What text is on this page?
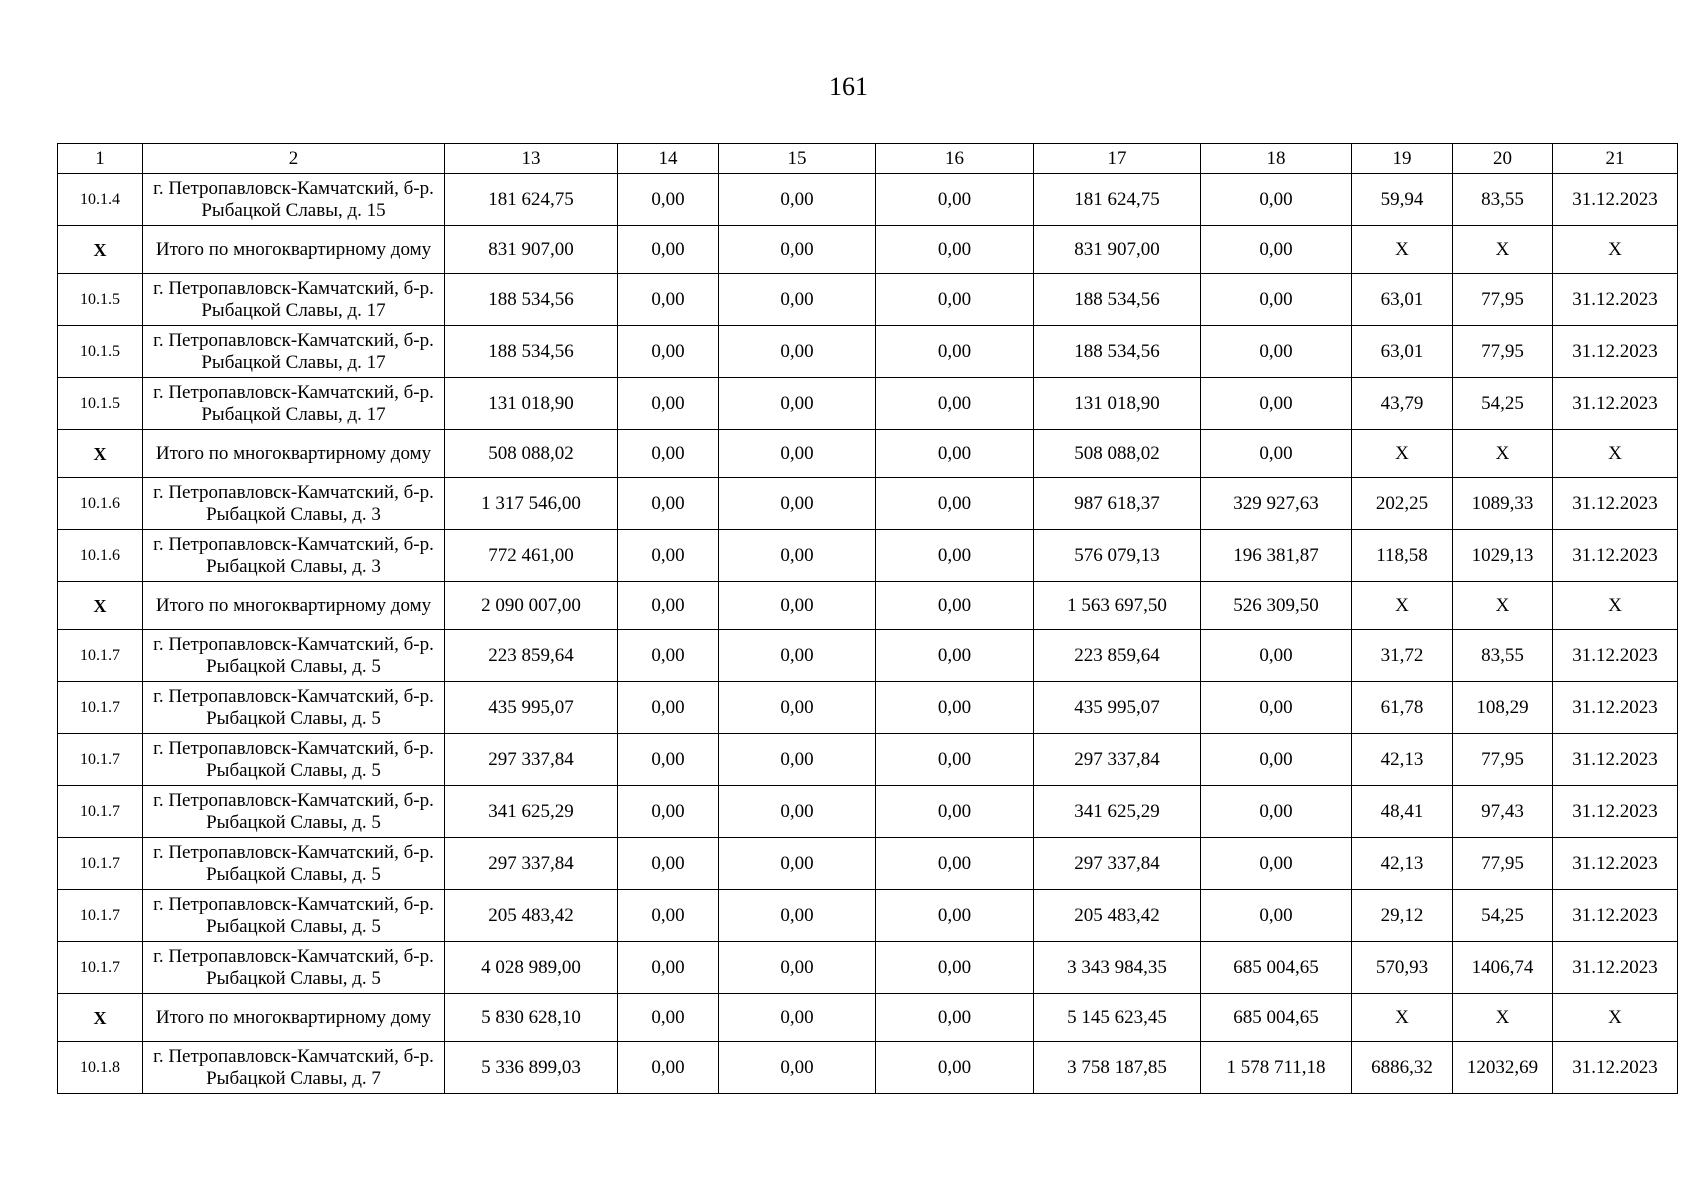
161
1	2	13	14	15	16	17	18	19	20	21
10.1.4	г. Петропавловск-Камчатский, б-р. Рыбацкой Славы, д. 15	181 624,75	0,00	0,00	0,00	181 624,75	0,00	59,94	83,55	31.12.2023
X	Итого по многоквартирному дому	831 907,00	0,00	0,00	0,00	831 907,00	0,00	X	X	X
10.1.5	г. Петропавловск-Камчатский, б-р. Рыбацкой Славы, д. 17	188 534,56	0,00	0,00	0,00	188 534,56	0,00	63,01	77,95	31.12.2023
10.1.5	г. Петропавловск-Камчатский, б-р. Рыбацкой Славы, д. 17	188 534,56	0,00	0,00	0,00	188 534,56	0,00	63,01	77,95	31.12.2023
10.1.5	г. Петропавловск-Камчатский, б-р. Рыбацкой Славы, д. 17	131 018,90	0,00	0,00	0,00	131 018,90	0,00	43,79	54,25	31.12.2023
X	Итого по многоквартирному дому	508 088,02	0,00	0,00	0,00	508 088,02	0,00	X	X	X
10.1.6	г. Петропавловск-Камчатский, б-р. Рыбацкой Славы, д. 3	1 317 546,00	0,00	0,00	0,00	987 618,37	329 927,63	202,25	1089,33	31.12.2023
10.1.6	г. Петропавловск-Камчатский, б-р. Рыбацкой Славы, д. 3	772 461,00	0,00	0,00	0,00	576 079,13	196 381,87	118,58	1029,13	31.12.2023
X	Итого по многоквартирному дому	2 090 007,00	0,00	0,00	0,00	1 563 697,50	526 309,50	X	X	X
10.1.7	г. Петропавловск-Камчатский, б-р. Рыбацкой Славы, д. 5	223 859,64	0,00	0,00	0,00	223 859,64	0,00	31,72	83,55	31.12.2023
10.1.7	г. Петропавловск-Камчатский, б-р. Рыбацкой Славы, д. 5	435 995,07	0,00	0,00	0,00	435 995,07	0,00	61,78	108,29	31.12.2023
10.1.7	г. Петропавловск-Камчатский, б-р. Рыбацкой Славы, д. 5	297 337,84	0,00	0,00	0,00	297 337,84	0,00	42,13	77,95	31.12.2023
10.1.7	г. Петропавловск-Камчатский, б-р. Рыбацкой Славы, д. 5	341 625,29	0,00	0,00	0,00	341 625,29	0,00	48,41	97,43	31.12.2023
10.1.7	г. Петропавловск-Камчатский, б-р. Рыбацкой Славы, д. 5	297 337,84	0,00	0,00	0,00	297 337,84	0,00	42,13	77,95	31.12.2023
10.1.7	г. Петропавловск-Камчатский, б-р. Рыбацкой Славы, д. 5	205 483,42	0,00	0,00	0,00	205 483,42	0,00	29,12	54,25	31.12.2023
10.1.7	г. Петропавловск-Камчатский, б-р. Рыбацкой Славы, д. 5	4 028 989,00	0,00	0,00	0,00	3 343 984,35	685 004,65	570,93	1406,74	31.12.2023
X	Итого по многоквартирному дому	5 830 628,10	0,00	0,00	0,00	5 145 623,45	685 004,65	X	X	X
10.1.8	г. Петропавловск-Камчатский, б-р. Рыбацкой Славы, д. 7	5 336 899,03	0,00	0,00	0,00	3 758 187,85	1 578 711,18	6886,32	12032,69	31.12.2023
